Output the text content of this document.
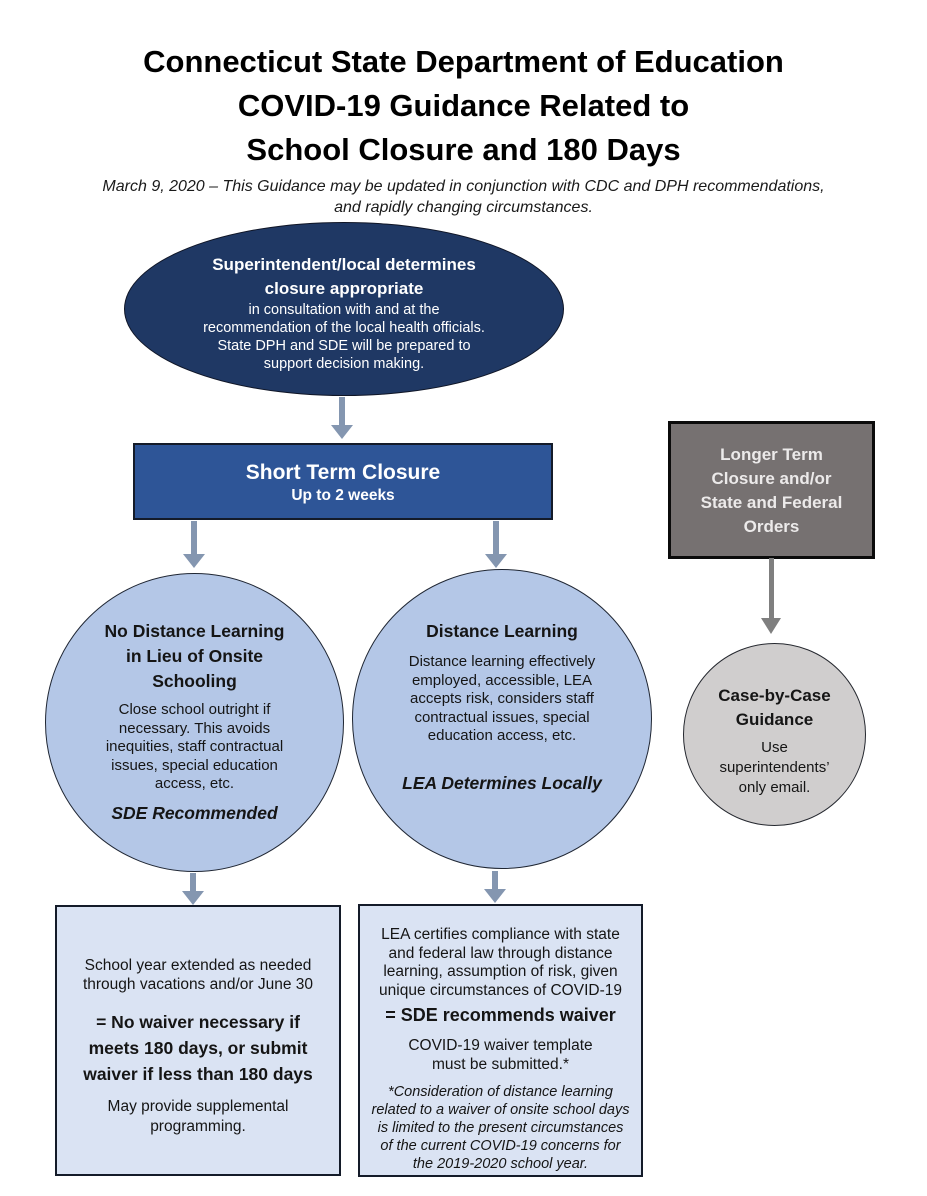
Connecticut State Department of Education
COVID-19 Guidance Related to
School Closure and 180 Days

March 9, 2020 – This Guidance may be updated in conjunction with CDC and DPH recommendations,
and rapidly changing circumstances.

Superintendent/local determines
closure appropriate
in consultation with and at the
recommendation of the local health officials.
State DPH and SDE will be prepared to
support decision making.
Short Term Closure
Up to 2 weeks
Longer Term
Closure and/or
State and Federal
Orders
No Distance Learning
in Lieu of Onsite
Schooling
Close school outright if
necessary. This avoids
inequities, staff contractual
issues, special education
access, etc.
SDE Recommended
Distance Learning
Distance learning effectively
employed, accessible, LEA
accepts risk, considers staff
contractual issues, special
education access, etc.
LEA Determines Locally
Case-by-Case
Guidance
Use
superintendents’
only email.
School year extended as needed
through vacations and/or June 30
= No waiver necessary if
meets 180 days, or submit
waiver if less than 180 days
May provide supplemental
programming.
LEA certifies compliance with state
and federal law through distance
learning, assumption of risk, given
unique circumstances of COVID-19
= SDE recommends waiver
COVID-19 waiver template
must be submitted.*
*Consideration of distance learning
related to a waiver of onsite school days
is limited to the present circumstances
of the current COVID-19 concerns for
the 2019-2020 school year.
